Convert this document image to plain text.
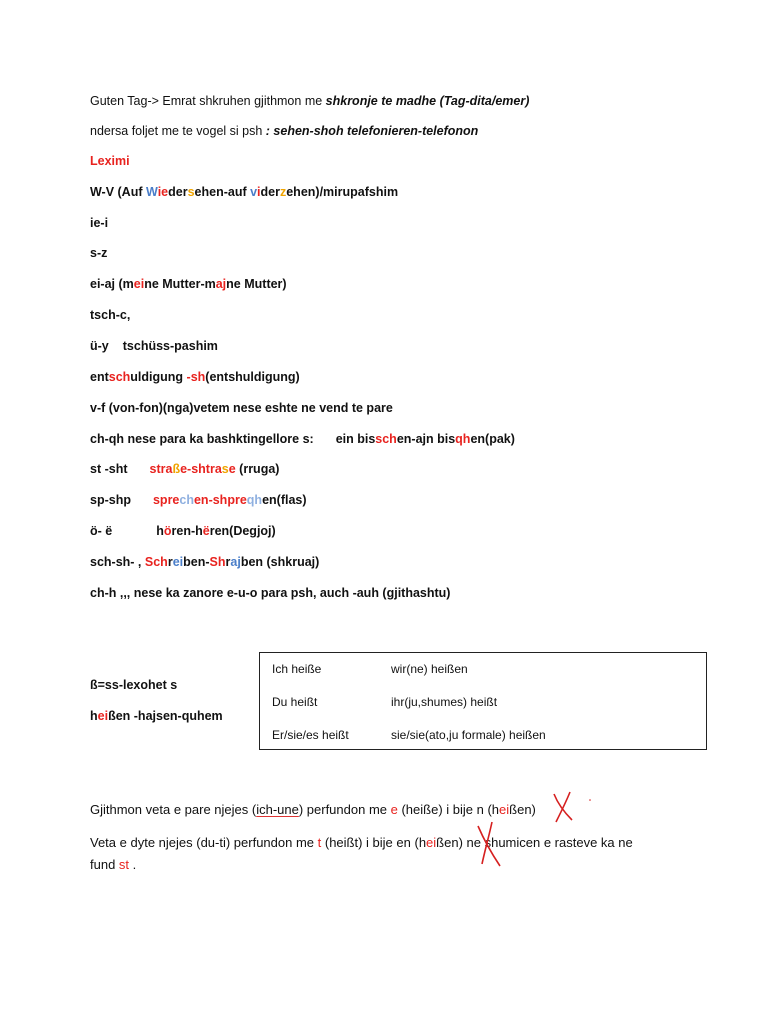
Guten Tag-> Emrat shkruhen gjithmon me shkronje te madhe (Tag-dita/emer)
ndersa foljet me te vogel si psh : sehen-shoh telefonieren-telefonon
Leximi
W-V (Auf Wiedersehen-auf viderzehen)/mirupafshim
ie-i
s-z
ei-aj (meine Mutter-majne Mutter)
tsch-c,
ü-y tschüss-pashim
entschuldigung -sh(entshuldigung)
v-f (von-fon)(nga)vetem nese eshte ne vend te pare
ch-qh nese para ka bashktingellore s: ein bisschen-ajn bisqhen(pak)
st -sht straße-shtrase (rruga)
sp-shp sprechen-shpreqhen(flas)
ö- ë	hören-hëren(Degjoj)
sch-sh- , Schreiben-Shrajben (shkruaj)
ch-h ,,, nese ka zanore e-u-o para psh, auch -auh (gjithashtu)
ß=ss-lexohet s
heißen -hajsen-quhem
Ich heiße	wir(ne) heißen
Du heißt	ihr(ju,shumes) heißt
Er/sie/es heißt	sie/sie(ato,ju formale) heißen
Gjithmon veta e pare njejes (ich-une) perfundon me e (heiße) i bije n (heißen)
Veta e dyte njejes (du-ti) perfundon me t (heißt) i bije en (heißen) ne shumicen e rasteve ka ne
fund st .
